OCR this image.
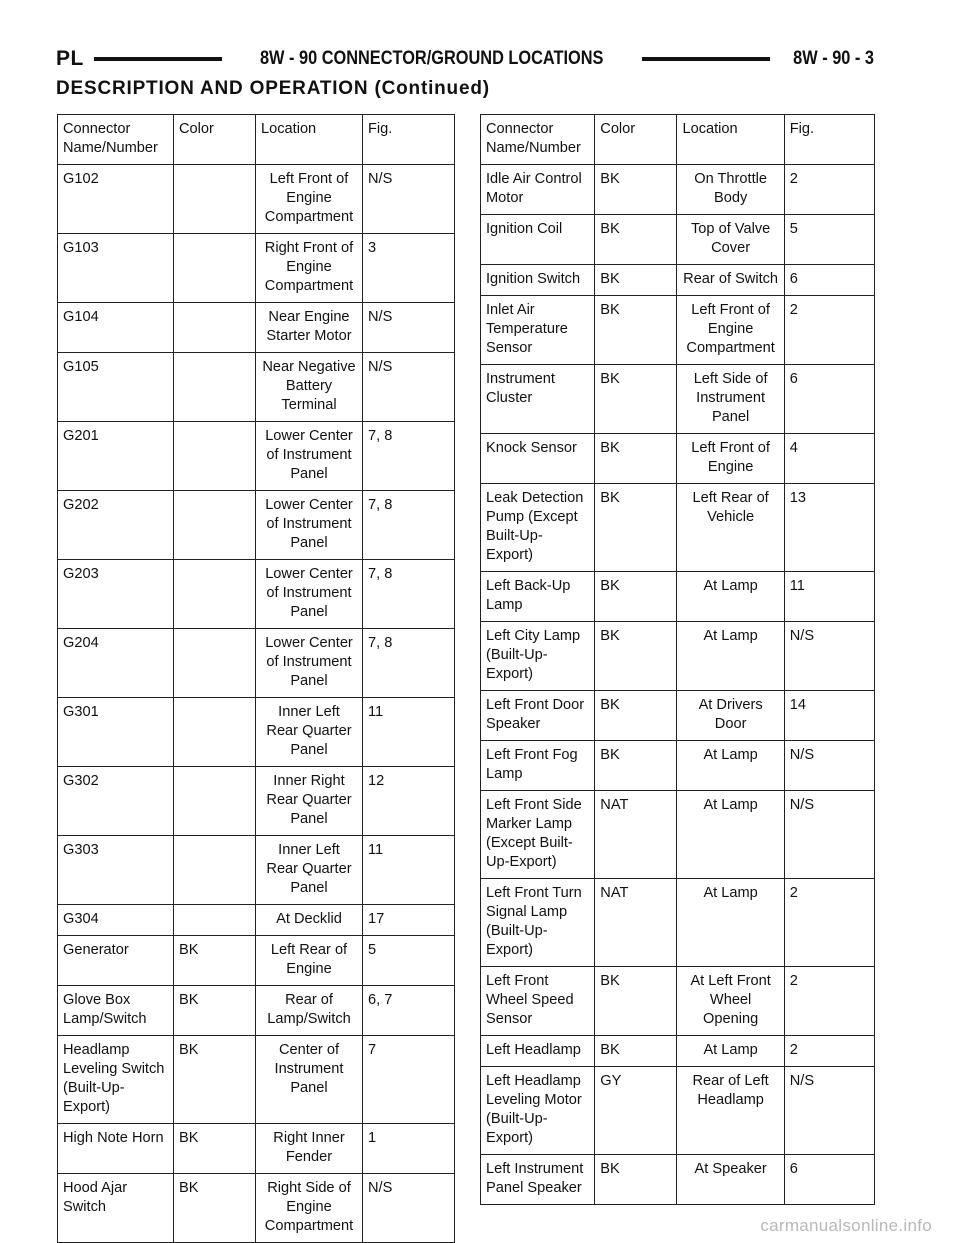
PL	8W - 90 CONNECTOR/GROUND LOCATIONS	8W - 90 - 3
DESCRIPTION AND OPERATION (Continued)
Connector Name/Number	Color	Location	Fig.
G102		Left Front of Engine Compartment	N/S
G103		Right Front of Engine Compartment	3
G104		Near Engine Starter Motor	N/S
G105		Near Negative Battery Terminal	N/S
G201		Lower Center of Instrument Panel	7, 8
G202		Lower Center of Instrument Panel	7, 8
G203		Lower Center of Instrument Panel	7, 8
G204		Lower Center of Instrument Panel	7, 8
G301		Inner Left Rear Quarter Panel	11
G302		Inner Right Rear Quarter Panel	12
G303		Inner Left Rear Quarter Panel	11
G304		At Decklid	17
Generator	BK	Left Rear of Engine	5
Glove Box Lamp/Switch	BK	Rear of Lamp/Switch	6, 7
Headlamp Leveling Switch (Built-Up-Export)	BK	Center of Instrument Panel	7
High Note Horn	BK	Right Inner Fender	1
Hood Ajar Switch	BK	Right Side of Engine Compartment	N/S
Connector Name/Number	Color	Location	Fig.
Idle Air Control Motor	BK	On Throttle Body	2
Ignition Coil	BK	Top of Valve Cover	5
Ignition Switch	BK	Rear of Switch	6
Inlet Air Temperature Sensor	BK	Left Front of Engine Compartment	2
Instrument Cluster	BK	Left Side of Instrument Panel	6
Knock Sensor	BK	Left Front of Engine	4
Leak Detection Pump (Except Built-Up-Export)	BK	Left Rear of Vehicle	13
Left Back-Up Lamp	BK	At Lamp	11
Left City Lamp (Built-Up-Export)	BK	At Lamp	N/S
Left Front Door Speaker	BK	At Drivers Door	14
Left Front Fog Lamp	BK	At Lamp	N/S
Left Front Side Marker Lamp (Except Built-Up-Export)	NAT	At Lamp	N/S
Left Front Turn Signal Lamp (Built-Up-Export)	NAT	At Lamp	2
Left Front Wheel Speed Sensor	BK	At Left Front Wheel Opening	2
Left Headlamp	BK	At Lamp	2
Left Headlamp Leveling Motor (Built-Up-Export)	GY	Rear of Left Headlamp	N/S
Left Instrument Panel Speaker	BK	At Speaker	6
carmanualsonline.info
